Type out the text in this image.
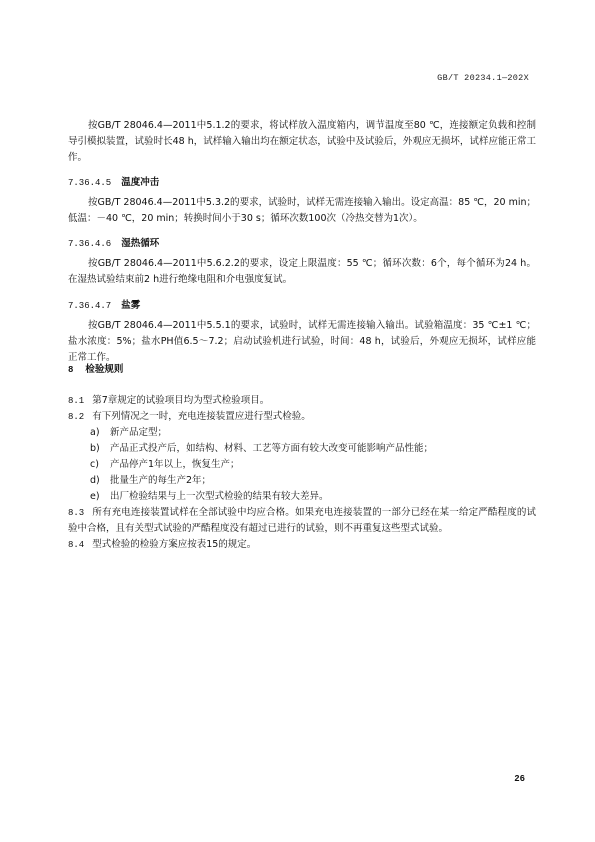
GB/T 20234.1—202X

按GB/T 28046.4—2011中5.1.2的要求，将试样放入温度箱内，调节温度至80 ℃，连接额定负载和控制导引模拟装置，试验时长48 h，试样输入输出均在额定状态，试验中及试验后，外观应无损坏，试样应能正常工作。

7.36.4.5 温度冲击

按GB/T 28046.4—2011中5.3.2的要求，试验时，试样无需连接输入输出。设定高温：85 ℃，20 min；低温：－40 ℃，20 min；转换时间小于30 s；循环次数100次（冷热交替为1次）。

7.36.4.6 湿热循环

按GB/T 28046.4—2011中5.6.2.2的要求，设定上限温度：55 ℃；循环次数：6个，每个循环为24 h。在湿热试验结束前2 h进行绝缘电阻和介电强度复试。

7.36.4.7 盐雾

按GB/T 28046.4—2011中5.5.1的要求，试验时，试样无需连接输入输出。试验箱温度：35 ℃±1 ℃；盐水浓度：5%；盐水PH值6.5～7.2；启动试验机进行试验，时间：48 h，试验后，外观应无损坏，试样应能正常工作。

8 检验规则

8.1 第7章规定的试验项目均为型式检验项目。

8.2 有下列情况之一时，充电连接装置应进行型式检验。

a) 新产品定型；

b) 产品正式投产后，如结构、材料、工艺等方面有较大改变可能影响产品性能；

c) 产品停产1年以上，恢复生产；

d) 批量生产的每生产2年；

e) 出厂检验结果与上一次型式检验的结果有较大差异。

8.3 所有充电连接装置试样在全部试验中均应合格。如果充电连接装置的一部分已经在某一给定严酷程度的试验中合格，且有关型式试验的严酷程度没有超过已进行的试验，则不再重复这些型式试验。

8.4 型式检验的检验方案应按表15的规定。

26
